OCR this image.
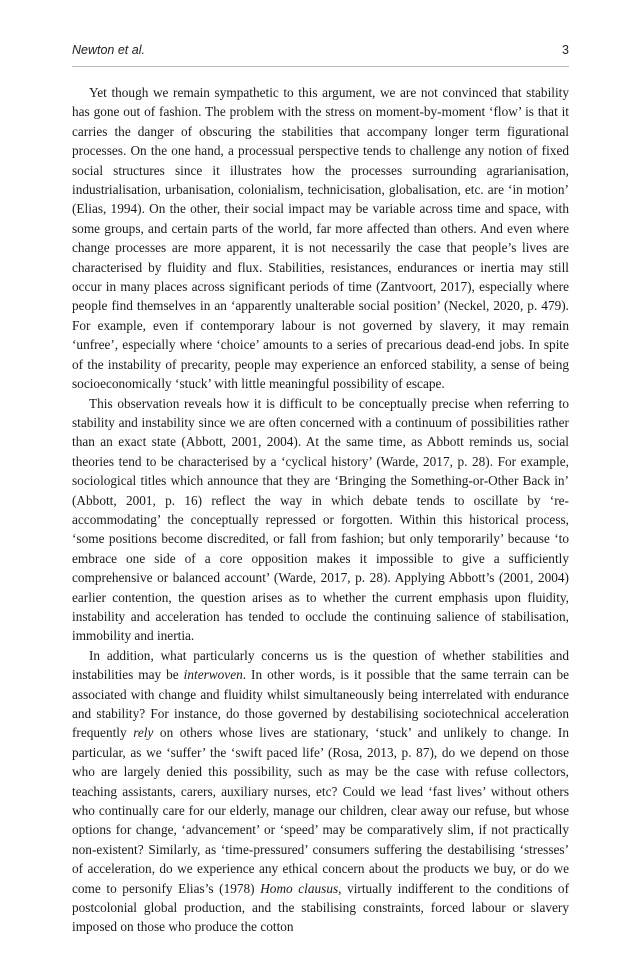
Newton et al.	3

Yet though we remain sympathetic to this argument, we are not convinced that stability has gone out of fashion. The problem with the stress on moment-by-moment ‘flow’ is that it carries the danger of obscuring the stabilities that accompany longer term figurational processes. On the one hand, a processual perspective tends to challenge any notion of fixed social structures since it illustrates how the processes surrounding agrarianisation, industrialisation, urbanisation, colonialism, technicisation, globalisation, etc. are ‘in motion’ (Elias, 1994). On the other, their social impact may be variable across time and space, with some groups, and certain parts of the world, far more affected than others. And even where change processes are more apparent, it is not necessarily the case that people’s lives are characterised by fluidity and flux. Stabilities, resistances, endurances or inertia may still occur in many places across significant periods of time (Zantvoort, 2017), especially where people find themselves in an ‘apparently unalterable social position’ (Neckel, 2020, p. 479). For example, even if contemporary labour is not governed by slavery, it may remain ‘unfree’, especially where ‘choice’ amounts to a series of precarious dead-end jobs. In spite of the instability of precarity, people may experience an enforced stability, a sense of being socioeconomically ‘stuck’ with little meaningful possibility of escape.

This observation reveals how it is difficult to be conceptually precise when referring to stability and instability since we are often concerned with a continuum of possibilities rather than an exact state (Abbott, 2001, 2004). At the same time, as Abbott reminds us, social theories tend to be characterised by a ‘cyclical history’ (Warde, 2017, p. 28). For example, sociological titles which announce that they are ‘Bringing the Something-or-Other Back in’ (Abbott, 2001, p. 16) reflect the way in which debate tends to oscillate by ‘re-accommodating’ the conceptually repressed or forgotten. Within this historical process, ‘some positions become discredited, or fall from fashion; but only temporarily’ because ‘to embrace one side of a core opposition makes it impossible to give a sufficiently comprehensive or balanced account’ (Warde, 2017, p. 28). Applying Abbott’s (2001, 2004) earlier contention, the question arises as to whether the current emphasis upon fluidity, instability and acceleration has tended to occlude the continuing salience of stabilisation, immobility and inertia.

In addition, what particularly concerns us is the question of whether stabilities and instabilities may be interwoven. In other words, is it possible that the same terrain can be associated with change and fluidity whilst simultaneously being interrelated with endurance and stability? For instance, do those governed by destabilising sociotechnical acceleration frequently rely on others whose lives are stationary, ‘stuck’ and unlikely to change. In particular, as we ‘suffer’ the ‘swift paced life’ (Rosa, 2013, p. 87), do we depend on those who are largely denied this possibility, such as may be the case with refuse collectors, teaching assistants, carers, auxiliary nurses, etc? Could we lead ‘fast lives’ without others who continually care for our elderly, manage our children, clear away our refuse, but whose options for change, ‘advancement’ or ‘speed’ may be comparatively slim, if not practically non-existent? Similarly, as ‘time-pressured’ consumers suffering the destabilising ‘stresses’ of acceleration, do we experience any ethical concern about the products we buy, or do we come to personify Elias’s (1978) Homo clausus, virtually indifferent to the conditions of postcolonial global production, and the stabilising constraints, forced labour or slavery imposed on those who produce the cotton
